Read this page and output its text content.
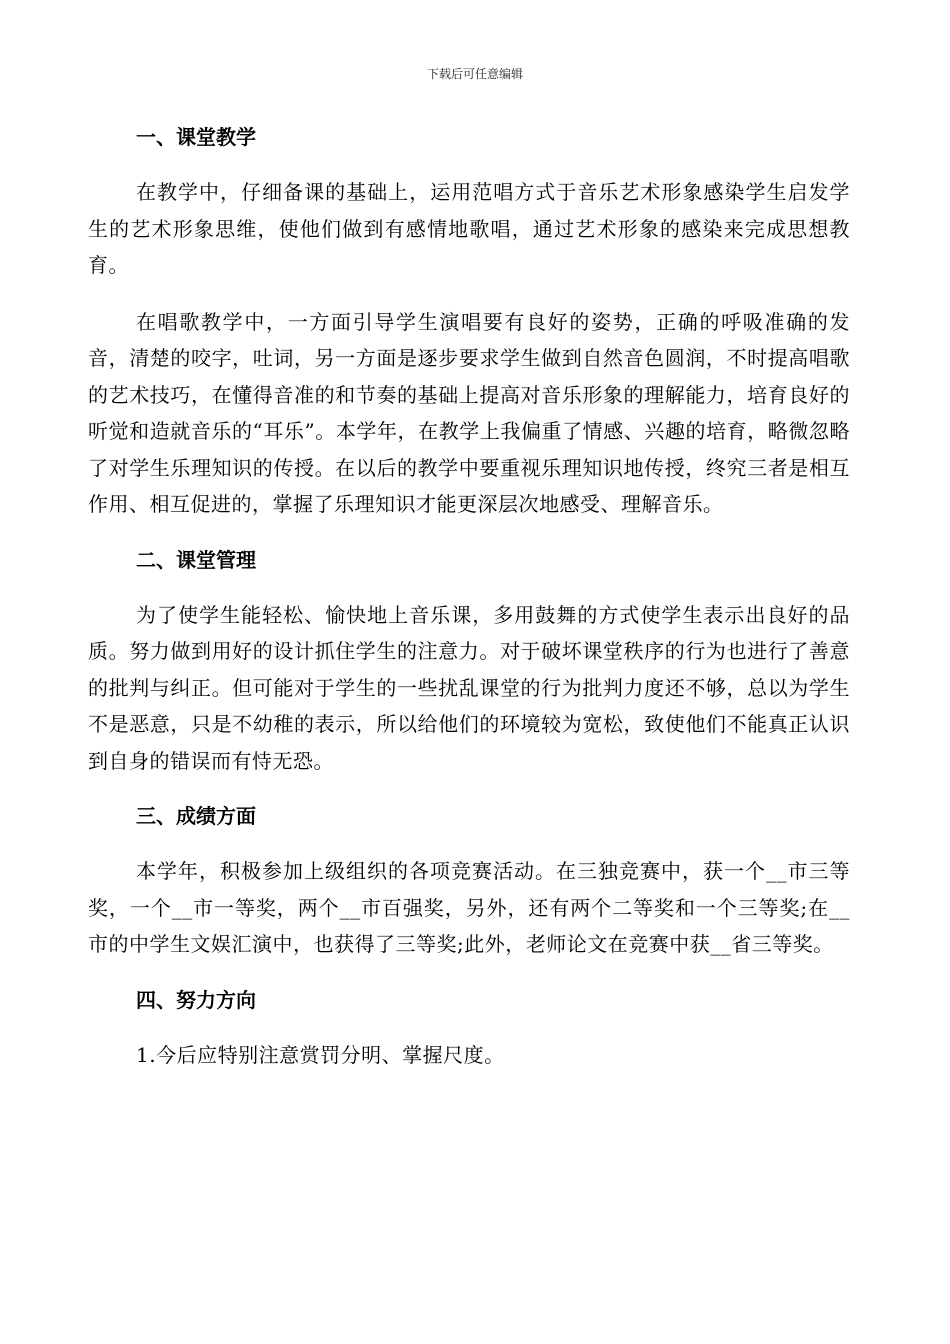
下载后可任意编辑
一、课堂教学

在教学中，仔细备课的基础上，运用范唱方式于音乐艺术形象感染学生启发学生的艺术形象思维，使他们做到有感情地歌唱，通过艺术形象的感染来完成思想教育。

在唱歌教学中，一方面引导学生演唱要有良好的姿势，正确的呼吸准确的发音，清楚的咬字，吐词，另一方面是逐步要求学生做到自然音色圆润，不时提高唱歌的艺术技巧，在懂得音准的和节奏的基础上提高对音乐形象的理解能力，培育良好的听觉和造就音乐的“耳乐”。本学年，在教学上我偏重了情感、兴趣的培育，略微忽略了对学生乐理知识的传授。在以后的教学中要重视乐理知识地传授，终究三者是相互作用、相互促进的，掌握了乐理知识才能更深层次地感受、理解音乐。

二、课堂管理

为了使学生能轻松、愉快地上音乐课，多用鼓舞的方式使学生表示出良好的品质。努力做到用好的设计抓住学生的注意力。对于破坏课堂秩序的行为也进行了善意的批判与纠正。但可能对于学生的一些扰乱课堂的行为批判力度还不够，总以为学生不是恶意，只是不幼稚的表示，所以给他们的环境较为宽松，致使他们不能真正认识到自身的错误而有恃无恐。

三、成绩方面

本学年，积极参加上级组织的各项竞赛活动。在三独竞赛中，获一个__市三等奖，一个__市一等奖，两个__市百强奖，另外，还有两个二等奖和一个三等奖;在__市的中学生文娱汇演中，也获得了三等奖;此外，老师论文在竞赛中获__省三等奖。

四、努力方向

1.今后应特别注意赏罚分明、掌握尺度。
